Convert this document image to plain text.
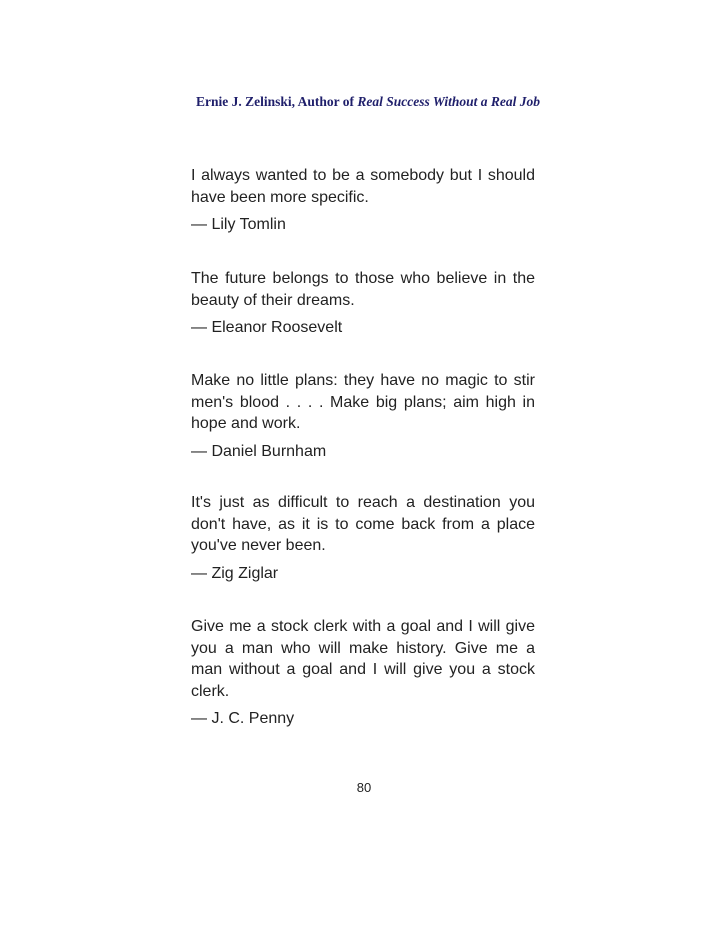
Ernie J. Zelinski, Author of Real Success Without a Real Job
I always wanted to be a somebody but I should have been more specific.
— Lily Tomlin
The future belongs to those who believe in the beauty of their dreams.
— Eleanor Roosevelt
Make no little plans: they have no magic to stir men's blood . . . . Make big plans; aim high in hope and work.
— Daniel Burnham
It's just as difficult to reach a destination you don't have, as it is to come back from a place you've never been.
— Zig Ziglar
Give me a stock clerk with a goal and I will give you a man who will make history. Give me a man without a goal and I will give you a stock clerk.
— J. C. Penny
80
